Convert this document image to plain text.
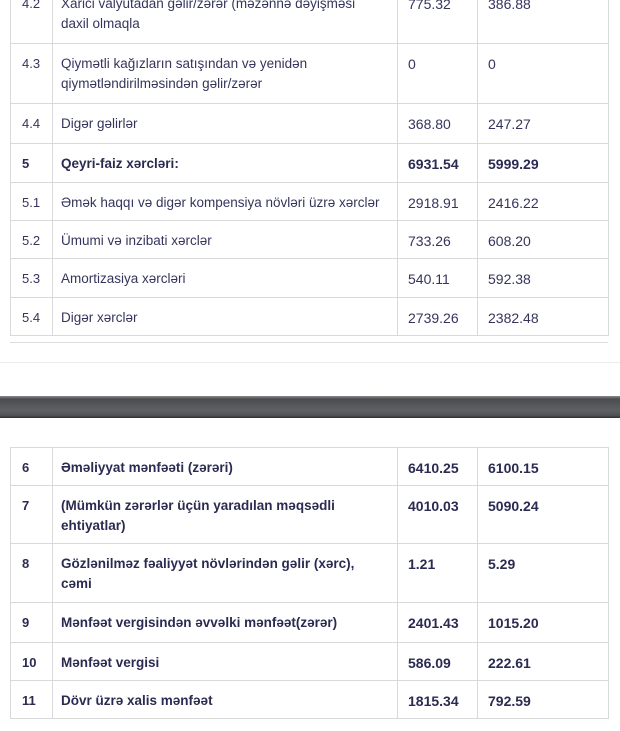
4.2	Xarici valyutadan gəlir/zərər (məzənnə dəyişməsi daxil olmaqla	775.32	386.88
4.3	Qiymətli kağızların satışından və yenidən qiymətləndirilməsindən gəlir/zərər	0	0
4.4	Digər gəlirlər	368.80	247.27
5	Qeyri-faiz xərcləri:	6931.54	5999.29
5.1	Əmək haqqı və digər kompensiya növləri üzrə xərclər	2918.91	2416.22
5.2	Ümumi və inzibati xərclər	733.26	608.20
5.3	Amortizasiya xərcləri	540.11	592.38
5.4	Digər xərclər	2739.26	2382.48
6	Əməliyyat mənfəəti (zərəri)	6410.25	6100.15
7	(Mümkün zərərlər üçün yaradılan məqsədli ehtiyatlar)	4010.03	5090.24
8	Gözlənilməz fəaliyyət növlərindən gəlir (xərc), cəmi	1.21	5.29
9	Mənfəət vergisindən əvvəlki mənfəət(zərər)	2401.43	1015.20
10	Mənfəət vergisi	586.09	222.61
11	Dövr üzrə xalis mənfəət	1815.34	792.59
